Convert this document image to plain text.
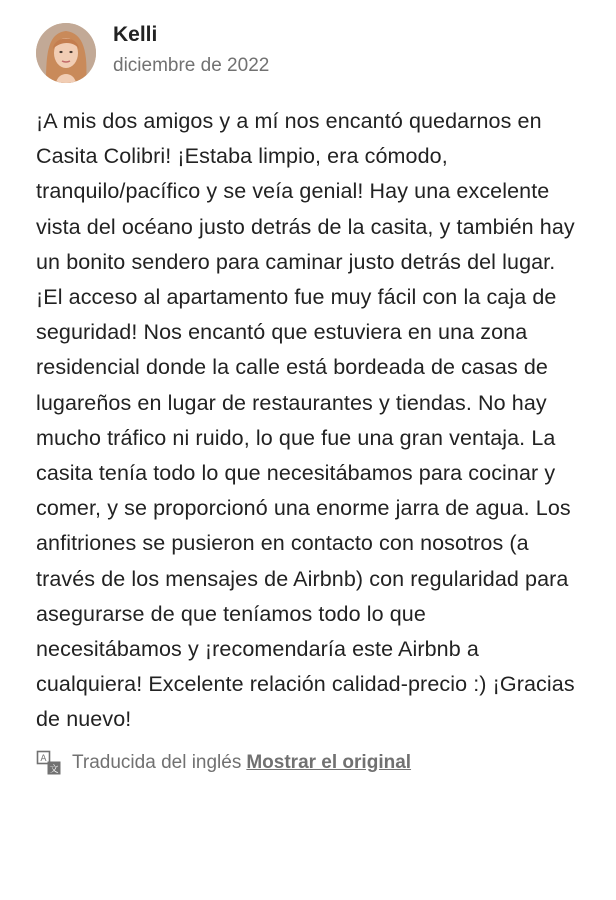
Kelli
diciembre de 2022
¡A mis dos amigos y a mí nos encantó quedarnos en Casita Colibri! ¡Estaba limpio, era cómodo, tranquilo/pacífico y se veía genial! Hay una excelente vista del océano justo detrás de la casita, y también hay un bonito sendero para caminar justo detrás del lugar. ¡El acceso al apartamento fue muy fácil con la caja de seguridad! Nos encantó que estuviera en una zona residencial donde la calle está bordeada de casas de lugareños en lugar de restaurantes y tiendas. No hay mucho tráfico ni ruido, lo que fue una gran ventaja. La casita tenía todo lo que necesitábamos para cocinar y comer, y se proporcionó una enorme jarra de agua. Los anfitriones se pusieron en contacto con nosotros (a través de los mensajes de Airbnb) con regularidad para asegurarse de que teníamos todo lo que necesitábamos y ¡recomendaría este Airbnb a cualquiera! Excelente relación calidad-precio :) ¡Gracias de nuevo!
A
文 Traducida del inglés Mostrar el original
